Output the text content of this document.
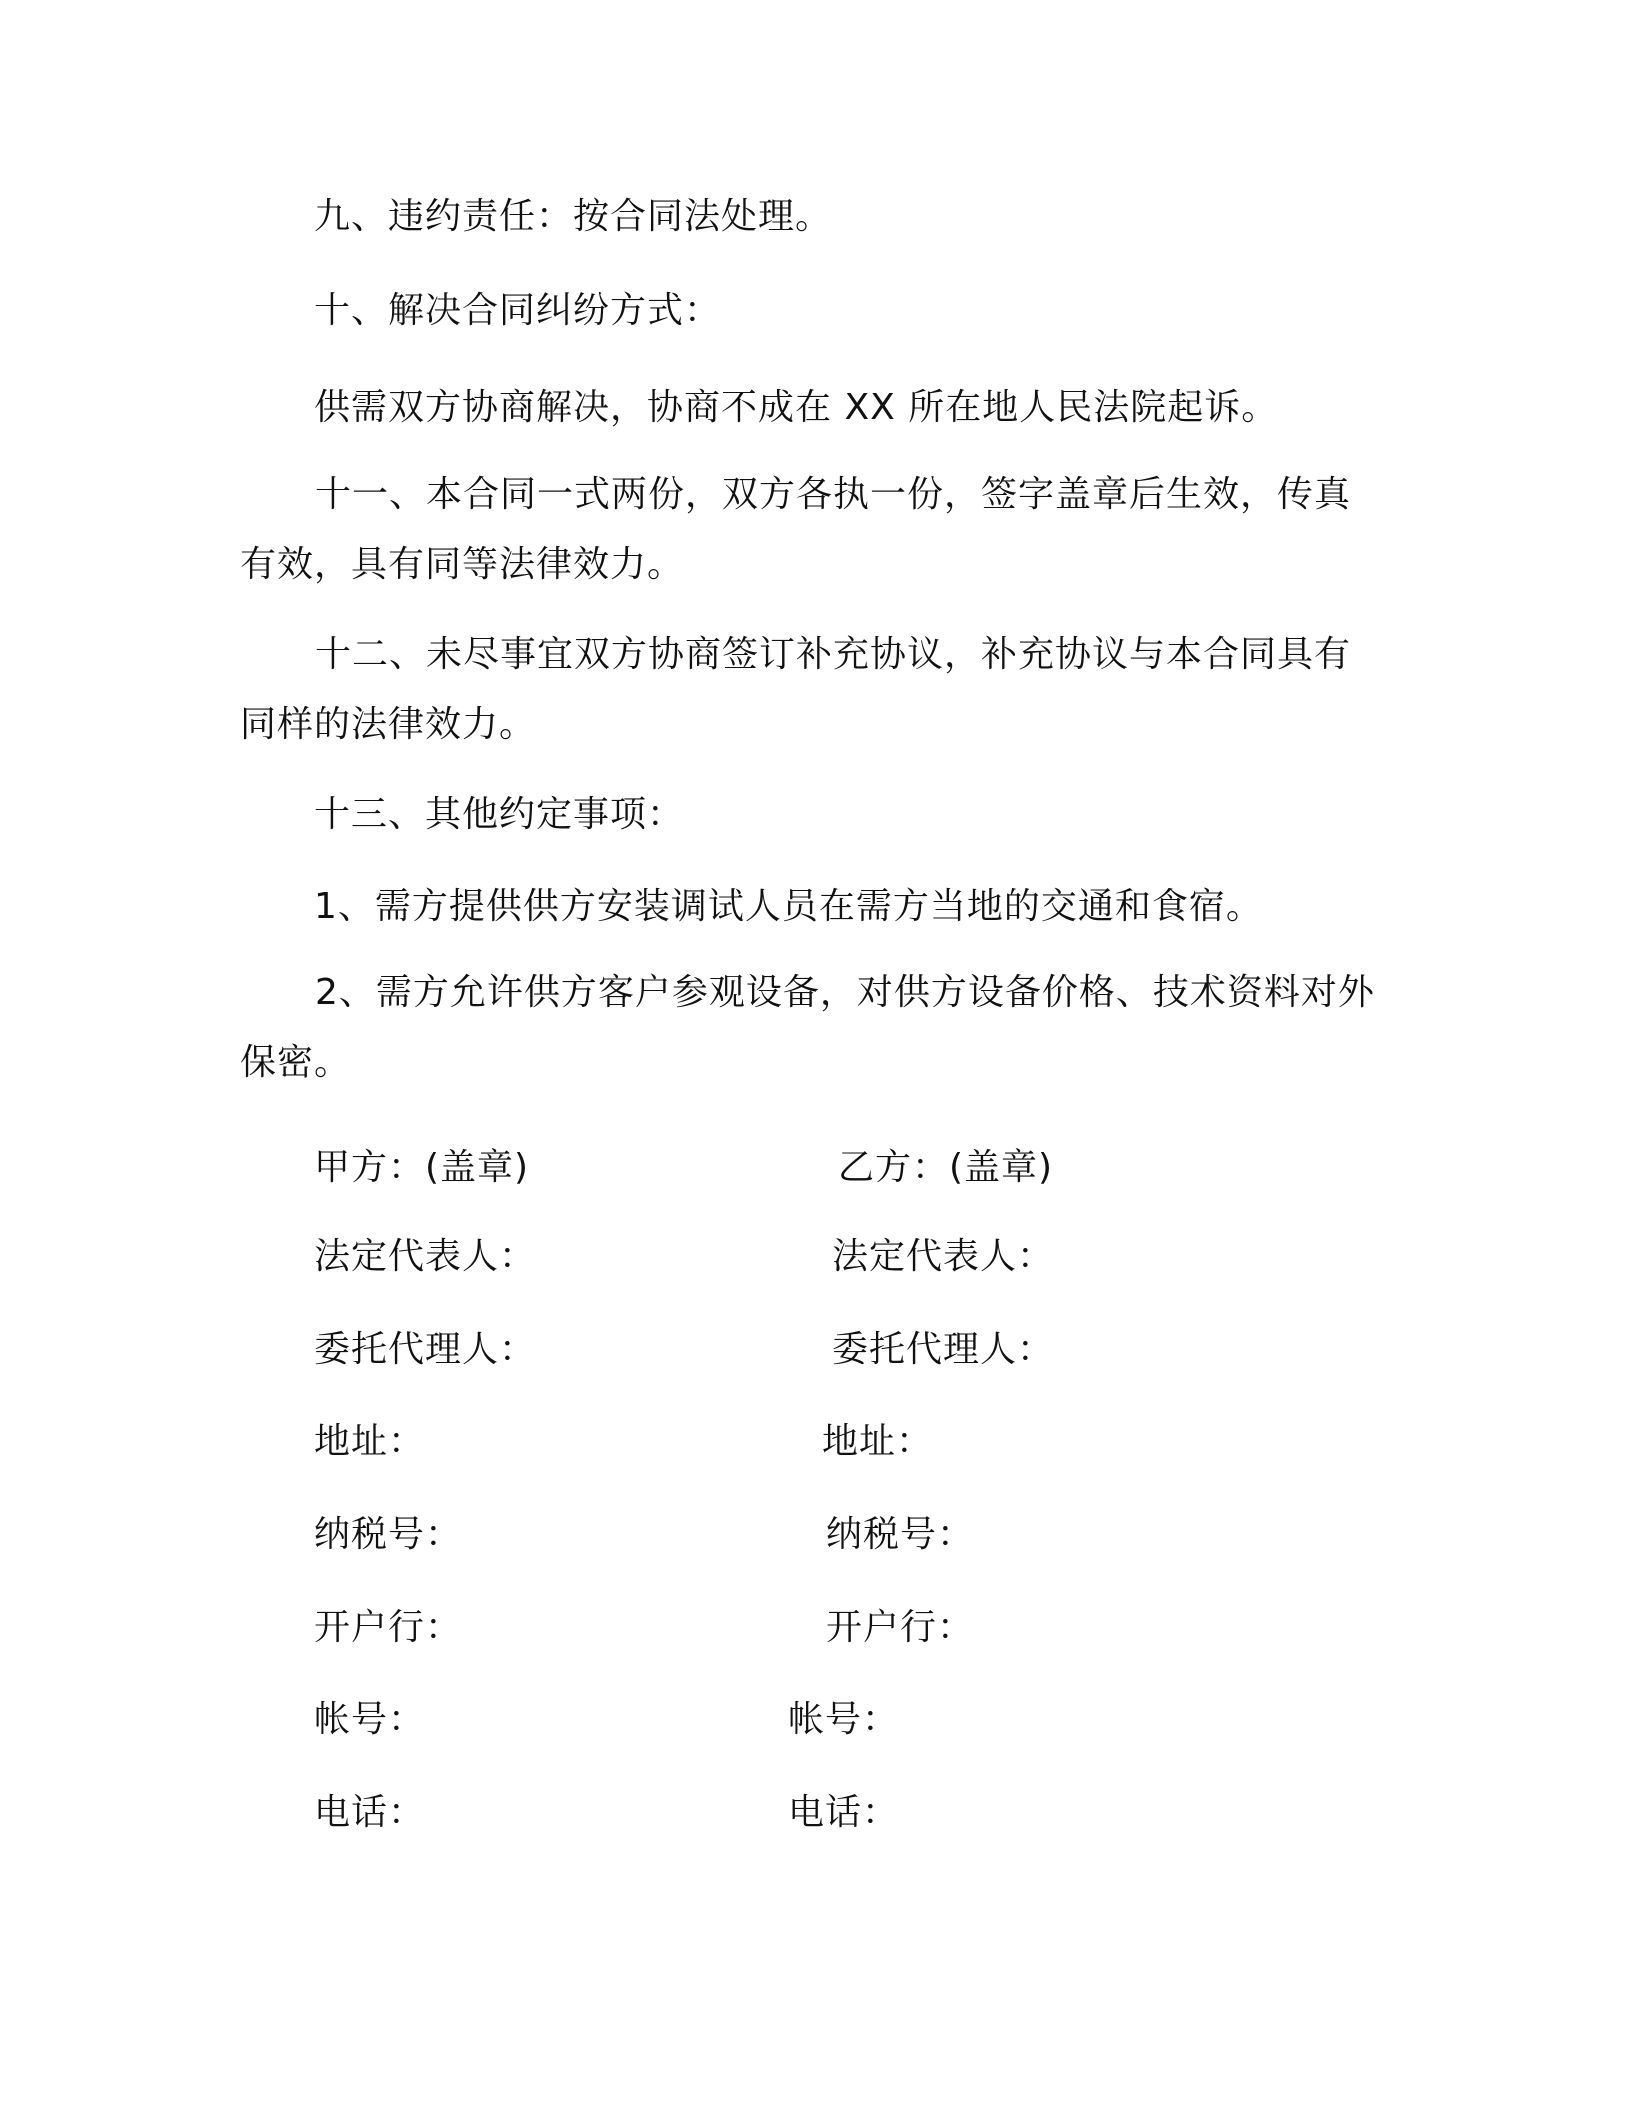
九、违约责任：按合同法处理。
十、解决合同纠纷方式：
供需双方协商解决，协商不成在 XX 所在地人民法院起诉。
十一、本合同一式两份，双方各执一份，签字盖章后生效，传真有效，具有同等法律效力。
十二、未尽事宜双方协商签订补充协议，补充协议与本合同具有同样的法律效力。
十三、其他约定事项：
1、需方提供供方安装调试人员在需方当地的交通和食宿。
2、需方允许供方客户参观设备，对供方设备价格、技术资料对外保密。
甲方：(盖章)	乙方：(盖章)
法定代表人：	法定代表人：
委托代理人：	委托代理人：
地址：	地址：
纳税号：	纳税号：
开户行：	开户行：
帐号：	帐号：
电话：	电话：
